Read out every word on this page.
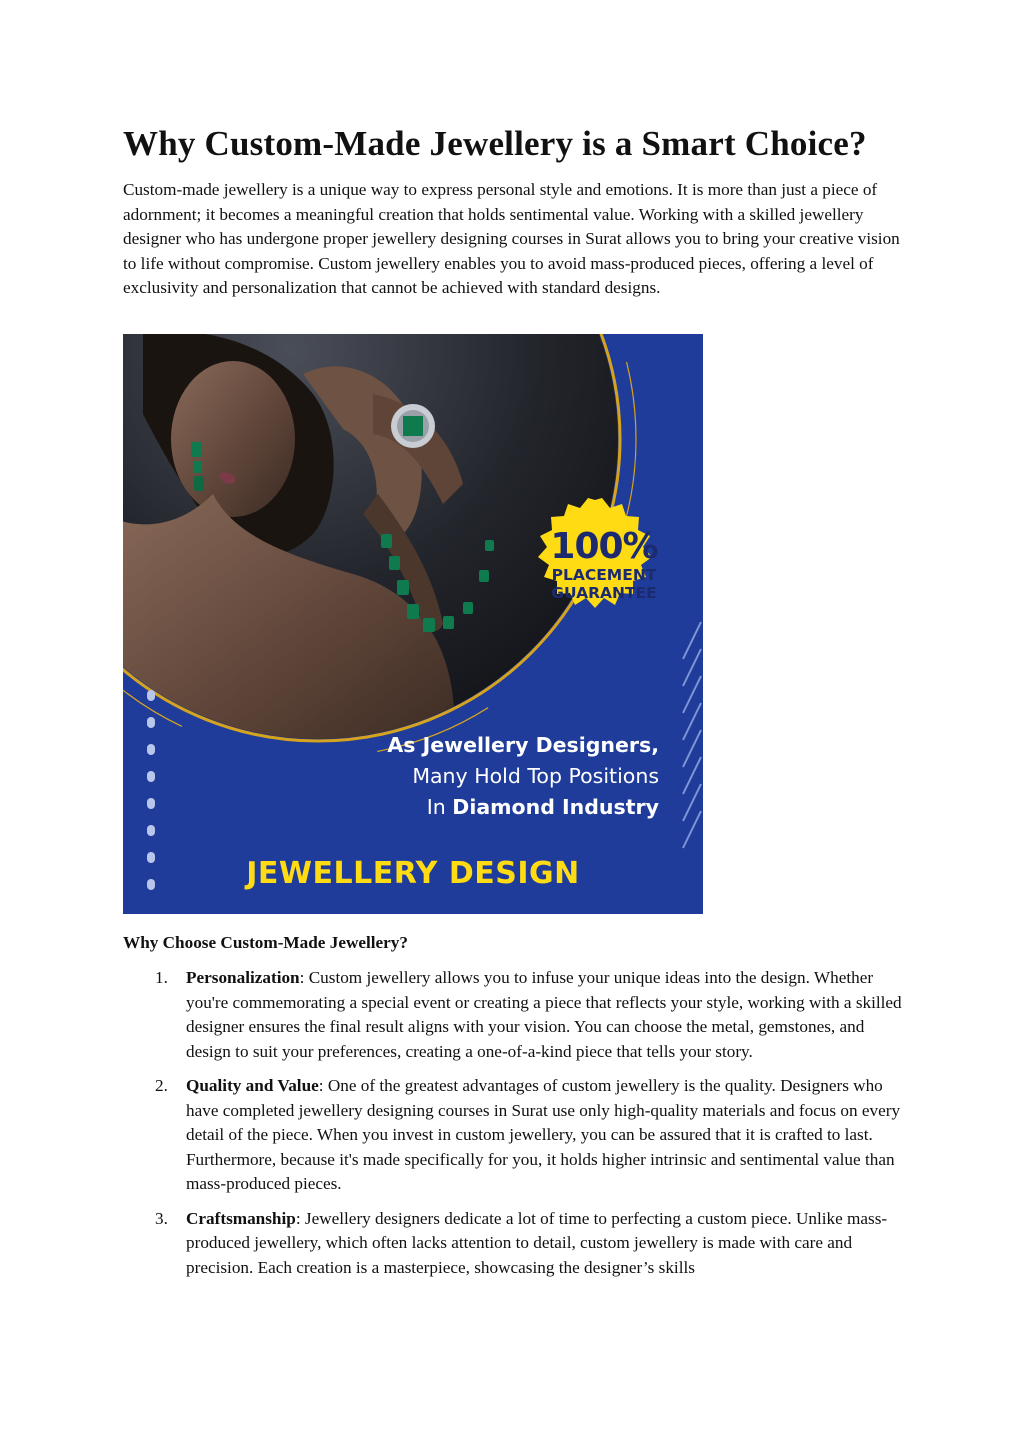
Why Custom-Made Jewellery is a Smart Choice?

Custom-made jewellery is a unique way to express personal style and emotions. It is more than just a piece of adornment; it becomes a meaningful creation that holds sentimental value. Working with a skilled jewellery designer who has undergone proper jewellery designing courses in Surat allows you to bring your creative vision to life without compromise. Custom jewellery enables you to avoid mass-produced pieces, offering a level of exclusivity and personalization that cannot be achieved with standard designs.

100%
PLACEMENT
GUARANTEE
As Jewellery Designers,
Many Hold Top Positions
In Diamond Industry
JEWELLERY DESIGN
Why Choose Custom-Made Jewellery?
1. Personalization: Custom jewellery allows you to infuse your unique ideas into the design. Whether you're commemorating a special event or creating a piece that reflects your style, working with a skilled designer ensures the final result aligns with your vision. You can choose the metal, gemstones, and design to suit your preferences, creating a one-of-a-kind piece that tells your story.
2. Quality and Value: One of the greatest advantages of custom jewellery is the quality. Designers who have completed jewellery designing courses in Surat use only high-quality materials and focus on every detail of the piece. When you invest in custom jewellery, you can be assured that it is crafted to last. Furthermore, because it's made specifically for you, it holds higher intrinsic and sentimental value than mass-produced pieces.
3. Craftsmanship: Jewellery designers dedicate a lot of time to perfecting a custom piece. Unlike mass-produced jewellery, which often lacks attention to detail, custom jewellery is made with care and precision. Each creation is a masterpiece, showcasing the designer’s skills
